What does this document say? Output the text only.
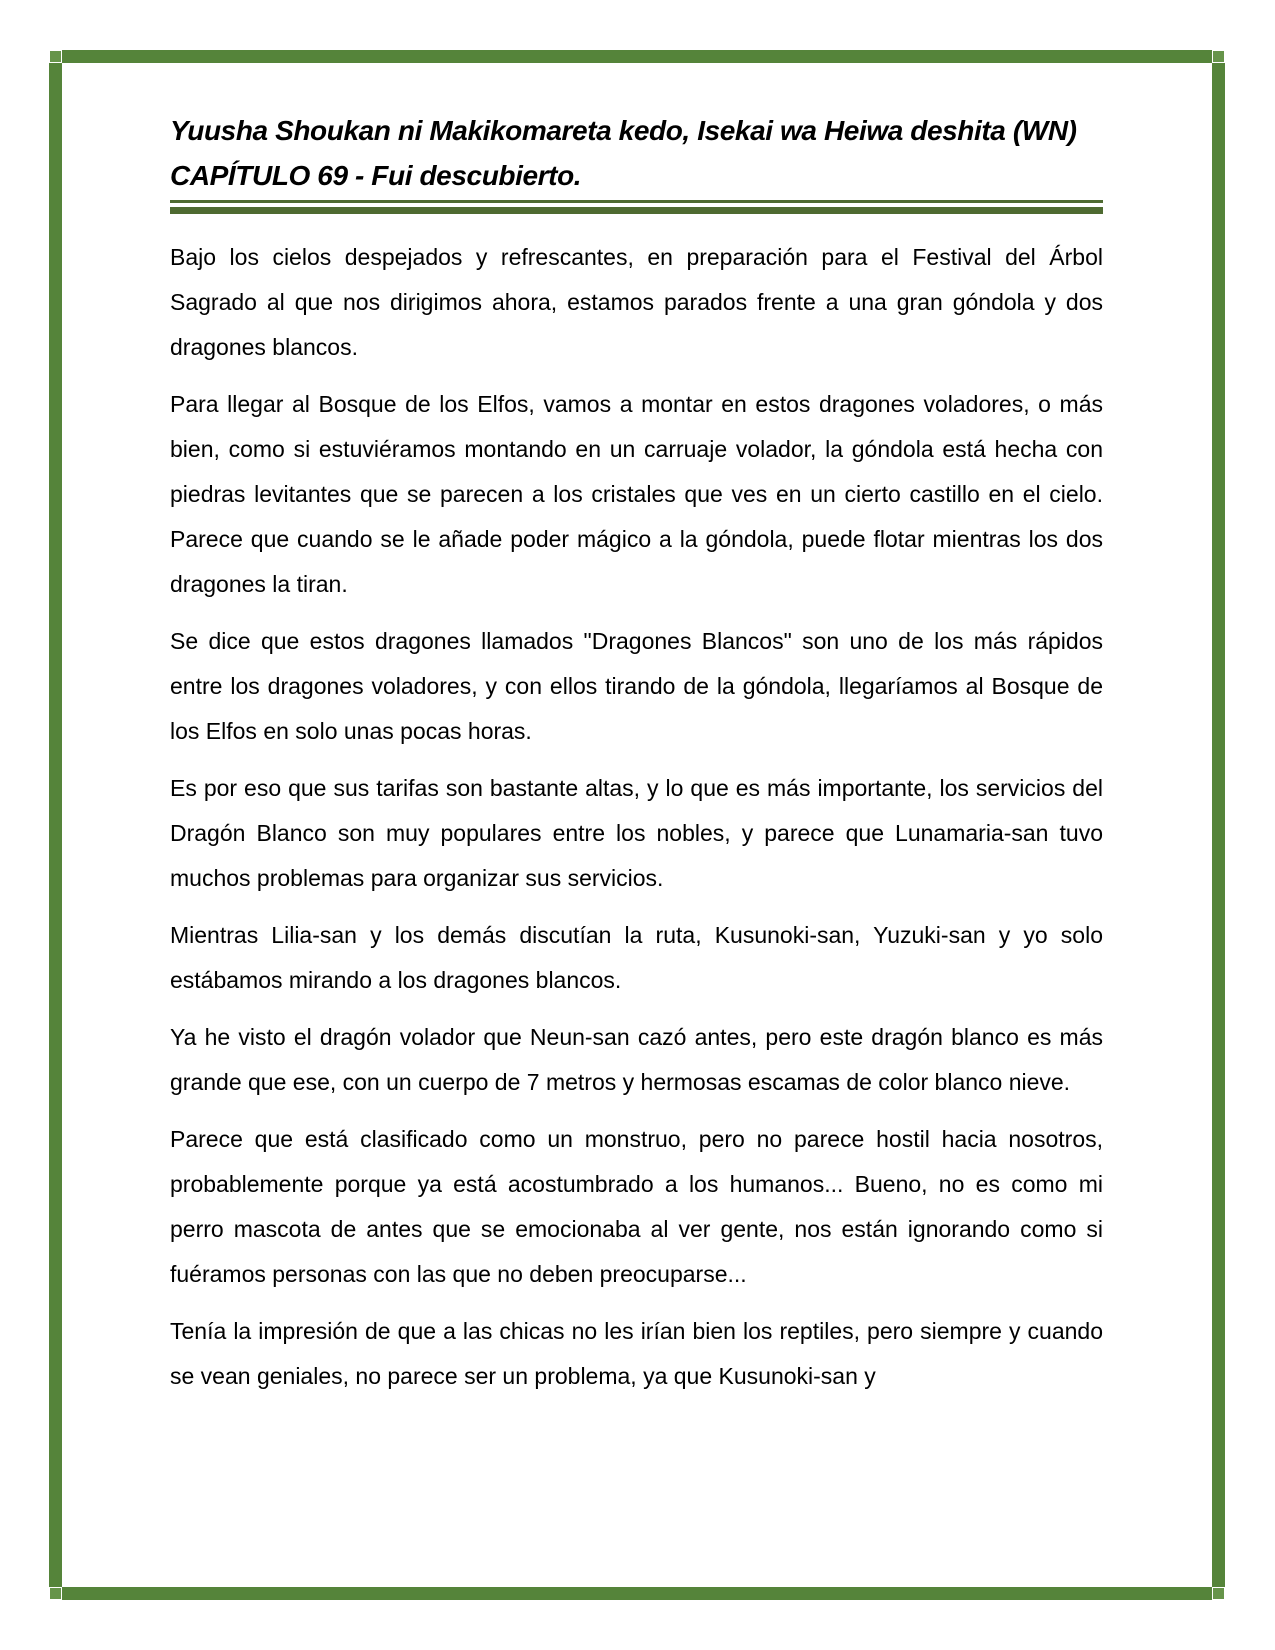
Yuusha Shoukan ni Makikomareta kedo, Isekai wa Heiwa deshita (WN)
CAPÍTULO 69 - Fui descubierto.

Bajo los cielos despejados y refrescantes, en preparación para el Festival del Árbol Sagrado al que nos dirigimos ahora, estamos parados frente a una gran góndola y dos dragones blancos.

Para llegar al Bosque de los Elfos, vamos a montar en estos dragones voladores, o más bien, como si estuviéramos montando en un carruaje volador, la góndola está hecha con piedras levitantes que se parecen a los cristales que ves en un cierto castillo en el cielo. Parece que cuando se le añade poder mágico a la góndola, puede flotar mientras los dos dragones la tiran.

Se dice que estos dragones llamados "Dragones Blancos" son uno de los más rápidos entre los dragones voladores, y con ellos tirando de la góndola, llegaríamos al Bosque de los Elfos en solo unas pocas horas.

Es por eso que sus tarifas son bastante altas, y lo que es más importante, los servicios del Dragón Blanco son muy populares entre los nobles, y parece que Lunamaria-san tuvo muchos problemas para organizar sus servicios.

Mientras Lilia-san y los demás discutían la ruta, Kusunoki-san, Yuzuki-san y yo solo estábamos mirando a los dragones blancos.

Ya he visto el dragón volador que Neun-san cazó antes, pero este dragón blanco es más grande que ese, con un cuerpo de 7 metros y hermosas escamas de color blanco nieve.

Parece que está clasificado como un monstruo, pero no parece hostil hacia nosotros, probablemente porque ya está acostumbrado a los humanos... Bueno, no es como mi perro mascota de antes que se emocionaba al ver gente, nos están ignorando como si fuéramos personas con las que no deben preocuparse...

Tenía la impresión de que a las chicas no les irían bien los reptiles, pero siempre y cuando se vean geniales, no parece ser un problema, ya que Kusunoki-san y
